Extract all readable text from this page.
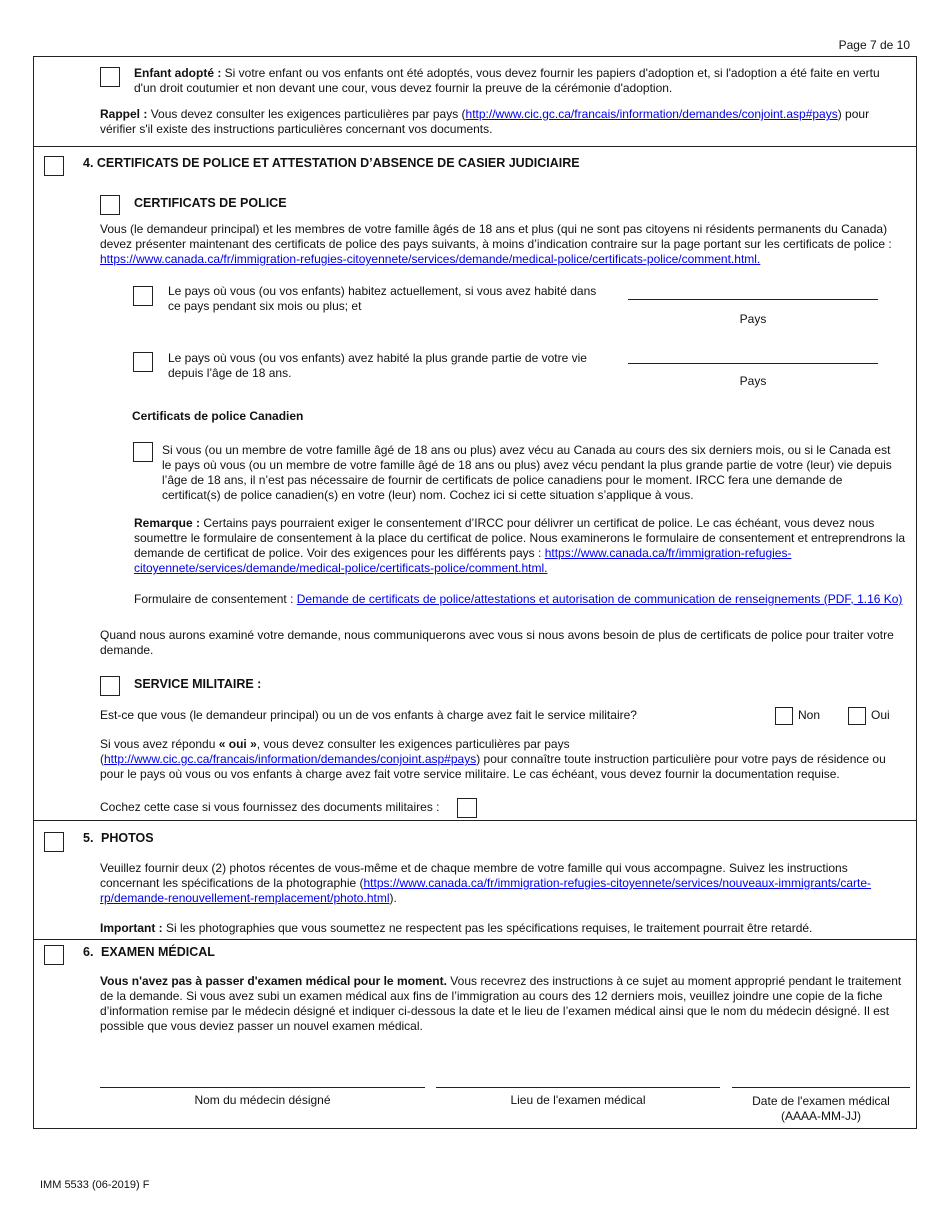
Page 7 de 10
Enfant adopté : Si votre enfant ou vos enfants ont été adoptés, vous devez fournir les papiers d'adoption et, si l'adoption a été faite en vertu d'un droit coutumier et non devant une cour, vous devez fournir la preuve de la cérémonie d'adoption.
Rappel : Vous devez consulter les exigences particulières par pays (http://www.cic.gc.ca/francais/information/demandes/conjoint.asp#pays) pour vérifier s'il existe des instructions particulières concernant vos documents.
4. CERTIFICATS DE POLICE ET ATTESTATION D’ABSENCE DE CASIER JUDICIAIRE
CERTIFICATS DE POLICE
Vous (le demandeur principal) et les membres de votre famille âgés de 18 ans et plus (qui ne sont pas citoyens ni résidents permanents du Canada) devez présenter maintenant des certificats de police des pays suivants, à moins d’indication contraire sur la page portant sur les certificats de police : https://www.canada.ca/fr/immigration-refugies-citoyennete/services/demande/medical-police/certificats-police/comment.html.
Le pays où vous (ou vos enfants) habitez actuellement, si vous avez habité dans ce pays pendant six mois ou plus; et
Pays
Le pays où vous (ou vos enfants) avez habité la plus grande partie de votre vie depuis l’âge de 18 ans.
Pays
Certificats de police Canadien
Si vous (ou un membre de votre famille âgé de 18 ans ou plus) avez vécu au Canada au cours des six derniers mois, ou si le Canada est le pays où vous (ou un membre de votre famille âgé de 18 ans ou plus) avez vécu pendant la plus grande partie de votre (leur) vie depuis l’âge de 18 ans, il n’est pas nécessaire de fournir de certificats de police canadiens pour le moment. IRCC fera une demande de certificat(s) de police canadien(s) en votre (leur) nom. Cochez ici si cette situation s’applique à vous.
Remarque : Certains pays pourraient exiger le consentement d’IRCC pour délivrer un certificat de police. Le cas échéant, vous devez nous soumettre le formulaire de consentement à la place du certificat de police. Nous examinerons le formulaire de consentement et entreprendrons la demande de certificat de police. Voir des exigences pour les différents pays : https://www.canada.ca/fr/immigration-refugies-citoyennete/services/demande/medical-police/certificats-police/comment.html.
Formulaire de consentement : Demande de certificats de police/attestations et autorisation de communication de renseignements (PDF, 1.16 Ko)
Quand nous aurons examiné votre demande, nous communiquerons avec vous si nous avons besoin de plus de certificats de police pour traiter votre demande.
SERVICE MILITAIRE :
Est-ce que vous (le demandeur principal) ou un de vos enfants à charge avez fait le service militaire?	Non	Oui
Si vous avez répondu « oui », vous devez consulter les exigences particulières par pays (http://www.cic.gc.ca/francais/information/demandes/conjoint.asp#pays) pour connaître toute instruction particulière pour votre pays de résidence ou pour le pays où vous ou vos enfants à charge avez fait votre service militaire. Le cas échéant, vous devez fournir la documentation requise.
Cochez cette case si vous fournissez des documents militaires :
5. PHOTOS
Veuillez fournir deux (2) photos récentes de vous-même et de chaque membre de votre famille qui vous accompagne. Suivez les instructions concernant les spécifications de la photographie (https://www.canada.ca/fr/immigration-refugies-citoyennete/services/nouveaux-immigrants/carte-rp/demande-renouvellement-remplacement/photo.html).
Important : Si les photographies que vous soumettez ne respectent pas les spécifications requises, le traitement pourrait être retardé.
6. EXAMEN MÉDICAL
Vous n'avez pas à passer d'examen médical pour le moment. Vous recevrez des instructions à ce sujet au moment approprié pendant le traitement de la demande. Si vous avez subi un examen médical aux fins de l’immigration au cours des 12 derniers mois, veuillez joindre une copie de la fiche d’information remise par le médecin désigné et indiquer ci-dessous la date et le lieu de l’examen médical ainsi que le nom du médecin désigné. Il est possible que vous deviez passer un nouvel examen médical.
Nom du médecin désigné	Lieu de l'examen médical	Date de l'examen médical (AAAA-MM-JJ)
IMM 5533 (06-2019) F
